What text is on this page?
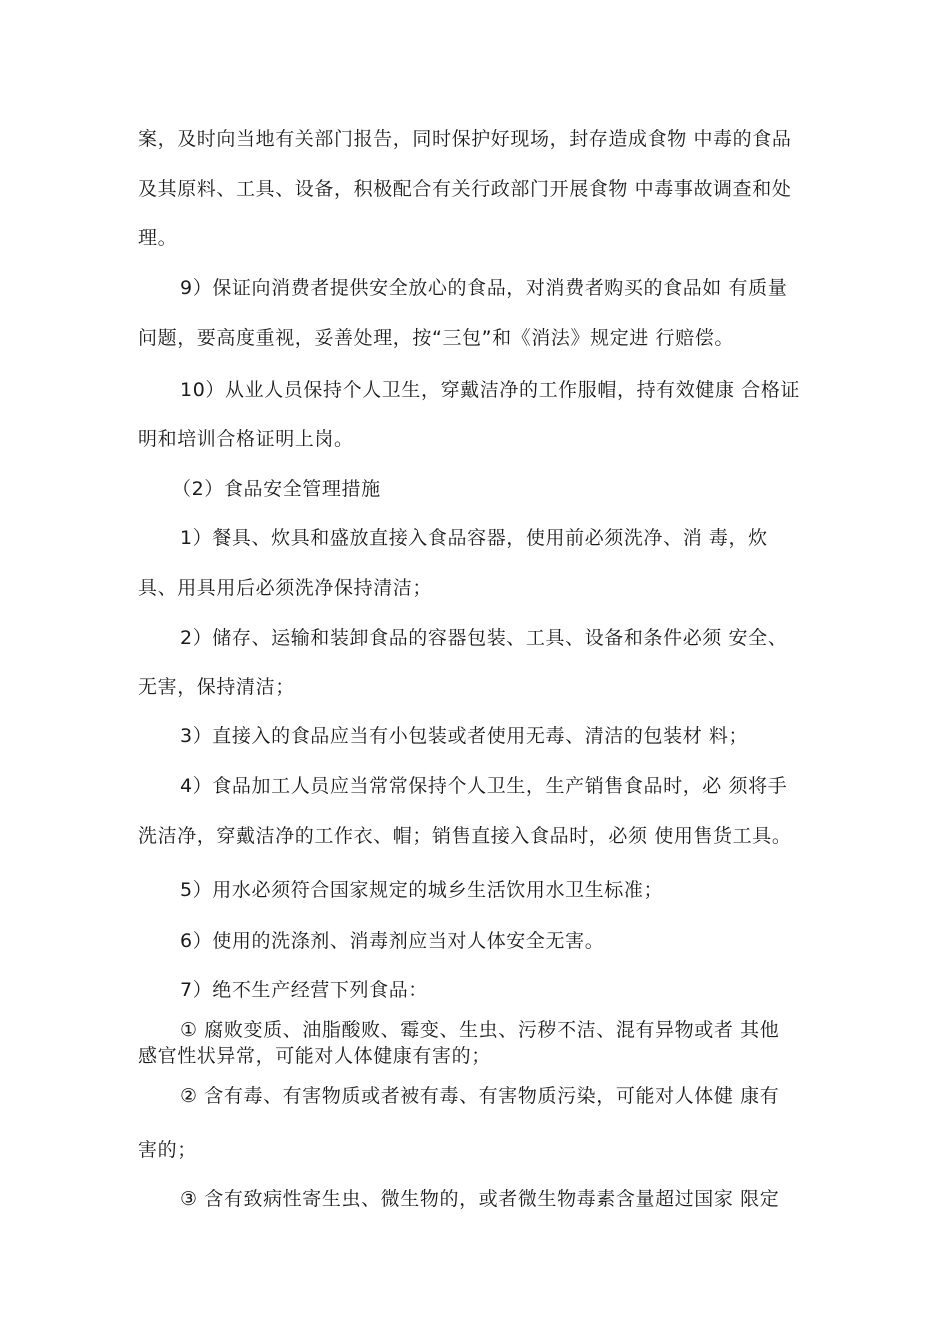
案，及时向当地有关部门报告，同时保护好现场，封存造成食物 中毒的食品
及其原料、工具、设备，积极配合有关行政部门开展食物 中毒事故调查和处
理。
9）保证向消费者提供安全放心的食品，对消费者购买的食品如 有质量
问题，要高度重视，妥善处理，按“三包”和《消法》规定进 行赔偿。
10）从业人员保持个人卫生，穿戴洁净的工作服帽，持有效健康 合格证
明和培训合格证明上岗。
（2）食品安全管理措施
1）餐具、炊具和盛放直接入食品容器，使用前必须洗净、消 毒，炊
具、用具用后必须洗净保持清洁；
2）储存、运输和装卸食品的容器包装、工具、设备和条件必须 安全、
无害，保持清洁；
3）直接入的食品应当有小包装或者使用无毒、清洁的包装材 料；
4）食品加工人员应当常常保持个人卫生，生产销售食品时，必 须将手
洗洁净，穿戴洁净的工作衣、帽；销售直接入食品时，必须 使用售货工具。
5）用水必须符合国家规定的城乡生活饮用水卫生标准；
6）使用的洗涤剂、消毒剂应当对人体安全无害。
7）绝不生产经营下列食品：
① 腐败变质、油脂酸败、霉变、生虫、污秽不洁、混有异物或者 其他
感官性状异常，可能对人体健康有害的；
② 含有毒、有害物质或者被有毒、有害物质污染，可能对人体健 康有
害的；
③ 含有致病性寄生虫、微生物的，或者微生物毒素含量超过国家 限定
